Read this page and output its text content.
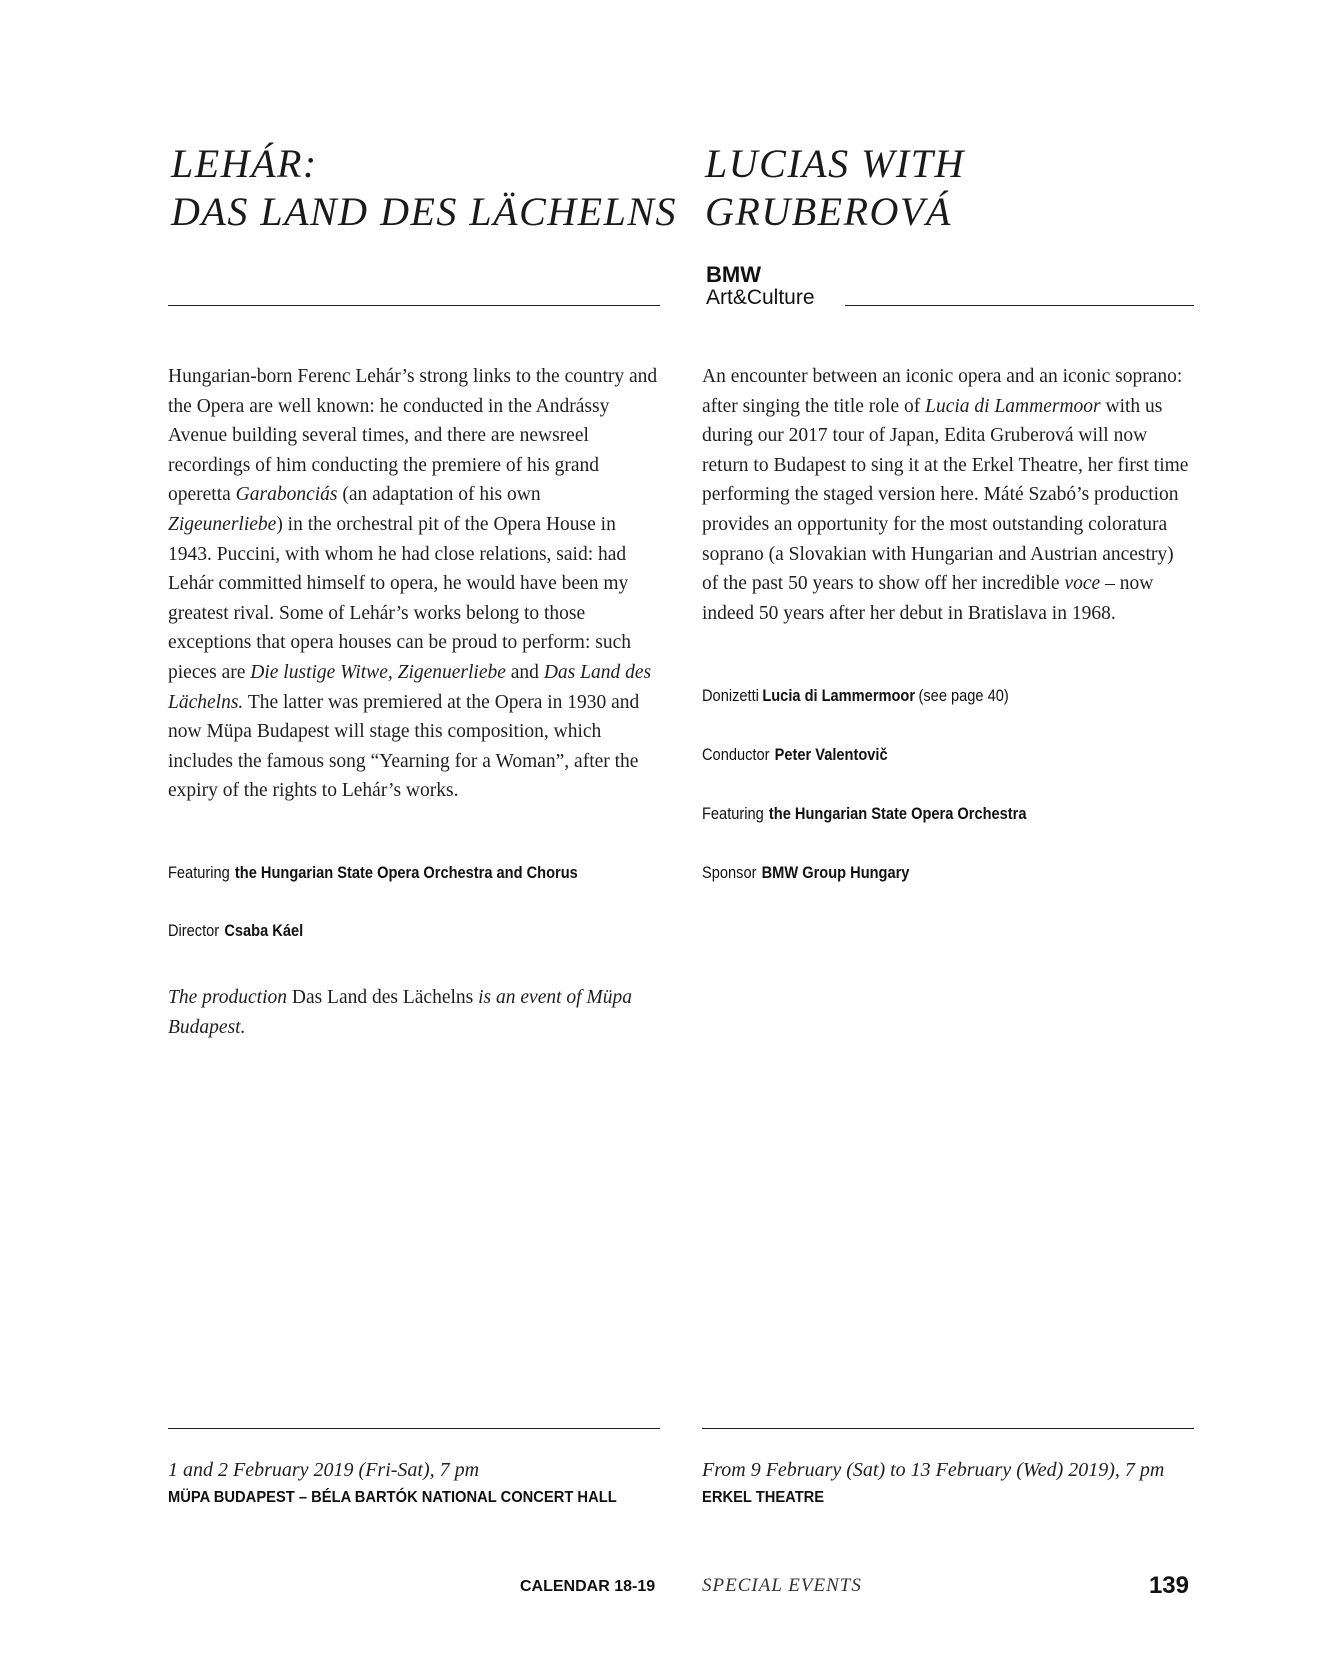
LEHÁR:
DAS LAND DES LÄCHELNS

Hungarian-born Ferenc Lehár’s strong links to the country and the Opera are well known: he conducted in the Andrássy Avenue building several times, and there are newsreel recordings of him conducting the premiere of his grand operetta Garabonciás (an adaptation of his own Zigeunerliebe) in the orchestral pit of the Opera House in 1943. Puccini, with whom he had close relations, said: had Lehár committed himself to opera, he would have been my greatest rival. Some of Lehár’s works belong to those exceptions that opera houses can be proud to perform: such pieces are Die lustige Witwe, Zigenuerliebe and Das Land des Lächelns. The latter was premiered at the Opera in 1930 and now Müpa Budapest will stage this composition, which includes the famous song “Yearning for a Woman”, after the expiry of the rights to Lehár’s works.

Featuring the Hungarian State Opera Orchestra and Chorus
Director Csaba Káel

The production Das Land des Lächelns is an event of Müpa Budapest.

1 and 2 February 2019 (Fri-Sat), 7 pm
MÜPA BUDAPEST – BÉLA BARTÓK NATIONAL CONCERT HALL
LUCIAS WITH
GRUBEROVÁ
BMW
Art&Culture

An encounter between an iconic opera and an iconic soprano: after singing the title role of Lucia di Lammermoor with us during our 2017 tour of Japan, Edita Gruberová will now return to Budapest to sing it at the Erkel Theatre, her first time performing the staged version here. Máté Szabó’s production provides an opportunity for the most outstanding coloratura soprano (a Slovakian with Hungarian and Austrian ancestry) of the past 50 years to show off her incredible voce – now indeed 50 years after her debut in Bratislava in 1968.

Donizetti Lucia di Lammermoor (see page 40)
Conductor Peter Valentovič
Featuring the Hungarian State Opera Orchestra
Sponsor BMW Group Hungary
From 9 February (Sat) to 13 February (Wed) 2019), 7 pm
ERKEL THEATRE
CALENDAR 18-19 SPECIAL EVENTS	139
